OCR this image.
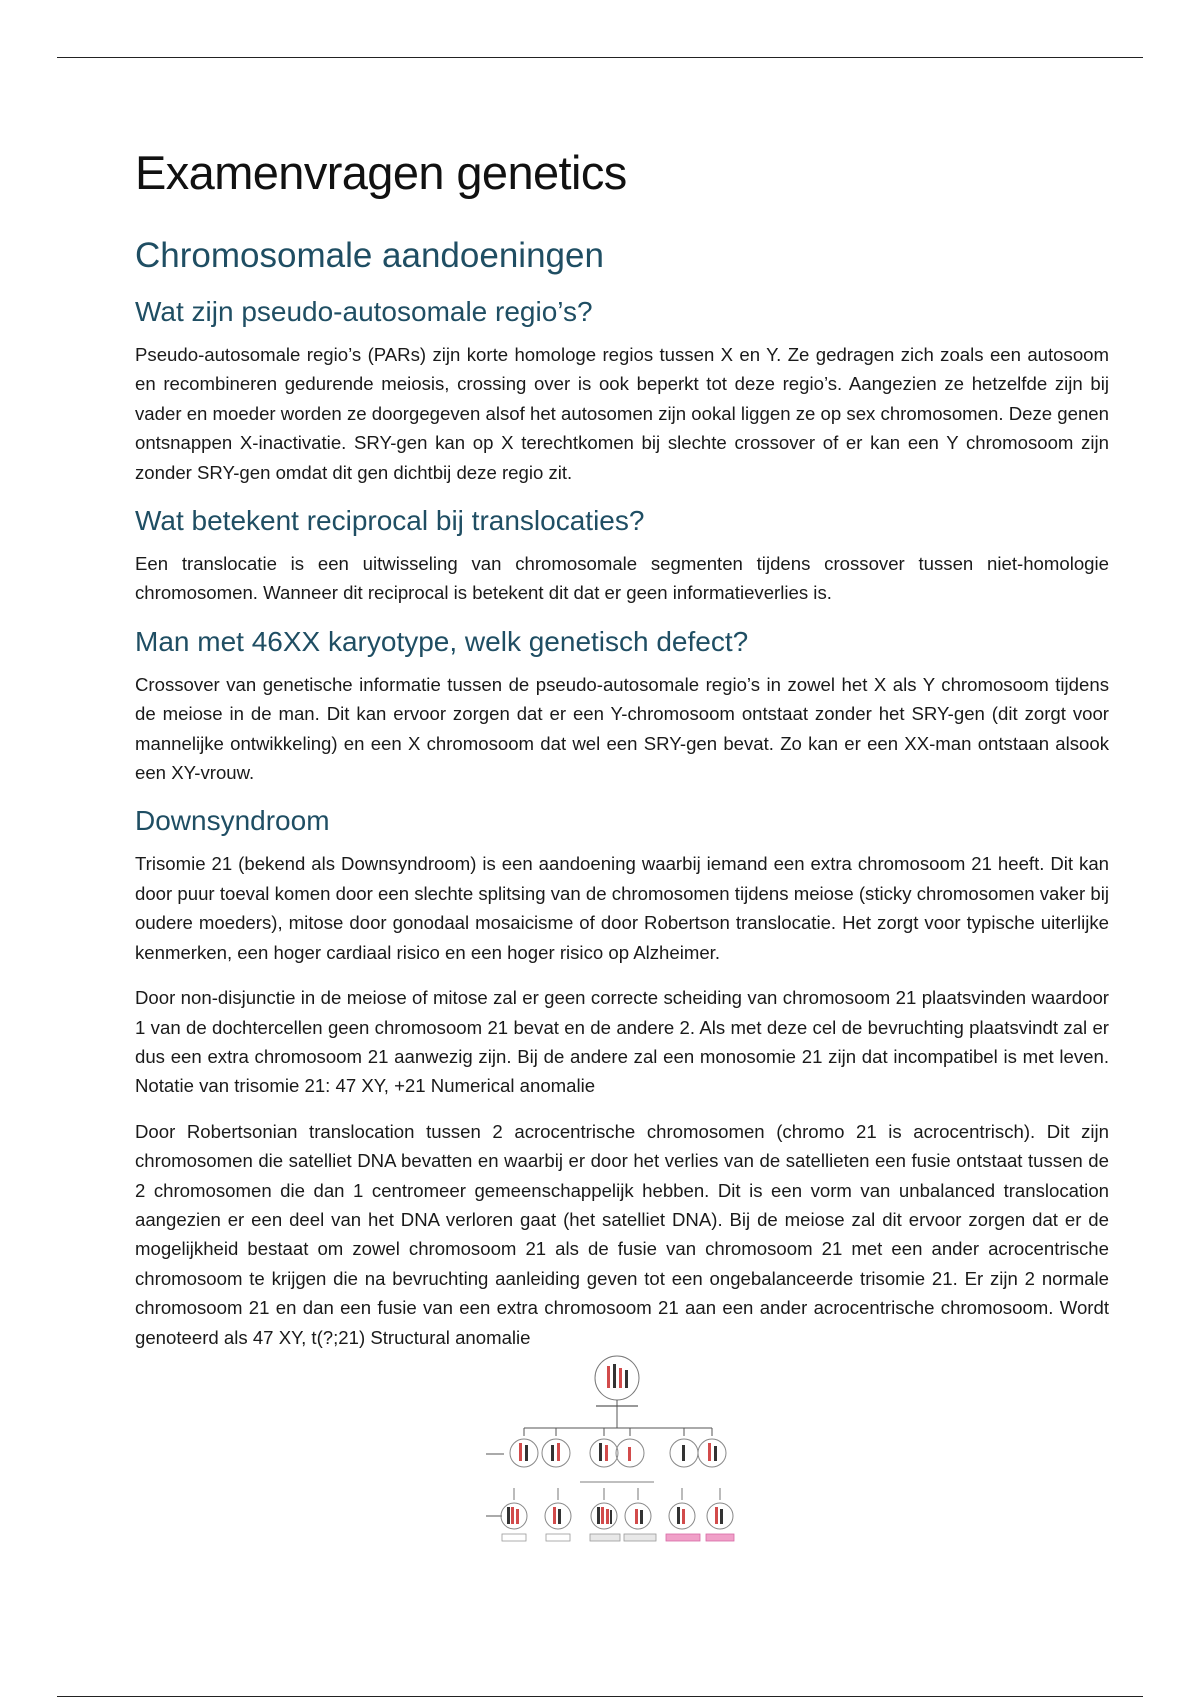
Examenvragen genetics
Chromosomale aandoeningen
Wat zijn pseudo-autosomale regio’s?

Pseudo-autosomale regio’s (PARs) zijn korte homologe regios tussen X en Y. Ze gedragen zich zoals een autosoom en recombineren gedurende meiosis, crossing over is ook beperkt tot deze regio’s. Aangezien ze hetzelfde zijn bij vader en moeder worden ze doorgegeven alsof het autosomen zijn ookal liggen ze op sex chromosomen. Deze genen ontsnappen X-inactivatie. SRY-gen kan op X terechtkomen bij slechte crossover of er kan een Y chromosoom zijn zonder SRY-gen omdat dit gen dichtbij deze regio zit.

Wat betekent reciprocal bij translocaties?

Een translocatie is een uitwisseling van chromosomale segmenten tijdens crossover tussen niet-homologie chromosomen. Wanneer dit reciprocal is betekent dit dat er geen informatieverlies is.

Man met 46XX karyotype, welk genetisch defect?

Crossover van genetische informatie tussen de pseudo-autosomale regio’s in zowel het X als Y chromosoom tijdens de meiose in de man. Dit kan ervoor zorgen dat er een Y-chromosoom ontstaat zonder het SRY-gen (dit zorgt voor mannelijke ontwikkeling) en een X chromosoom dat wel een SRY-gen bevat. Zo kan er een XX-man ontstaan alsook een XY-vrouw.

Downsyndroom

Trisomie 21 (bekend als Downsyndroom) is een aandoening waarbij iemand een extra chromosoom 21 heeft. Dit kan door puur toeval komen door een slechte splitsing van de chromosomen tijdens meiose (sticky chromosomen vaker bij oudere moeders), mitose door gonodaal mosaicisme of door Robertson translocatie. Het zorgt voor typische uiterlijke kenmerken, een hoger cardiaal risico en een hoger risico op Alzheimer.

Door non-disjunctie in de meiose of mitose zal er geen correcte scheiding van chromosoom 21 plaatsvinden waardoor 1 van de dochtercellen geen chromosoom 21 bevat en de andere 2. Als met deze cel de bevruchting plaatsvindt zal er dus een extra chromosoom 21 aanwezig zijn. Bij de andere zal een monosomie 21 zijn dat incompatibel is met leven. Notatie van trisomie 21: 47 XY, +21 Numerical anomalie

Door Robertsonian translocation tussen 2 acrocentrische chromosomen (chromo 21 is acrocentrisch). Dit zijn chromosomen die satelliet DNA bevatten en waarbij er door het verlies van de satellieten een fusie ontstaat tussen de 2 chromosomen die dan 1 centromeer gemeenschappelijk hebben. Dit is een vorm van unbalanced translocation aangezien er een deel van het DNA verloren gaat (het satelliet DNA). Bij de meiose zal dit ervoor zorgen dat er de mogelijkheid bestaat om zowel chromosoom 21 als de fusie van chromosoom 21 met een ander acrocentrische chromosoom te krijgen die na bevruchting aanleiding geven tot een ongebalanceerde trisomie 21. Er zijn 2 normale chromosoom 21 en dan een fusie van een extra chromosoom 21 aan een ander acrocentrische chromosoom. Wordt genoteerd als 47 XY, t(?;21) Structural anomalie
